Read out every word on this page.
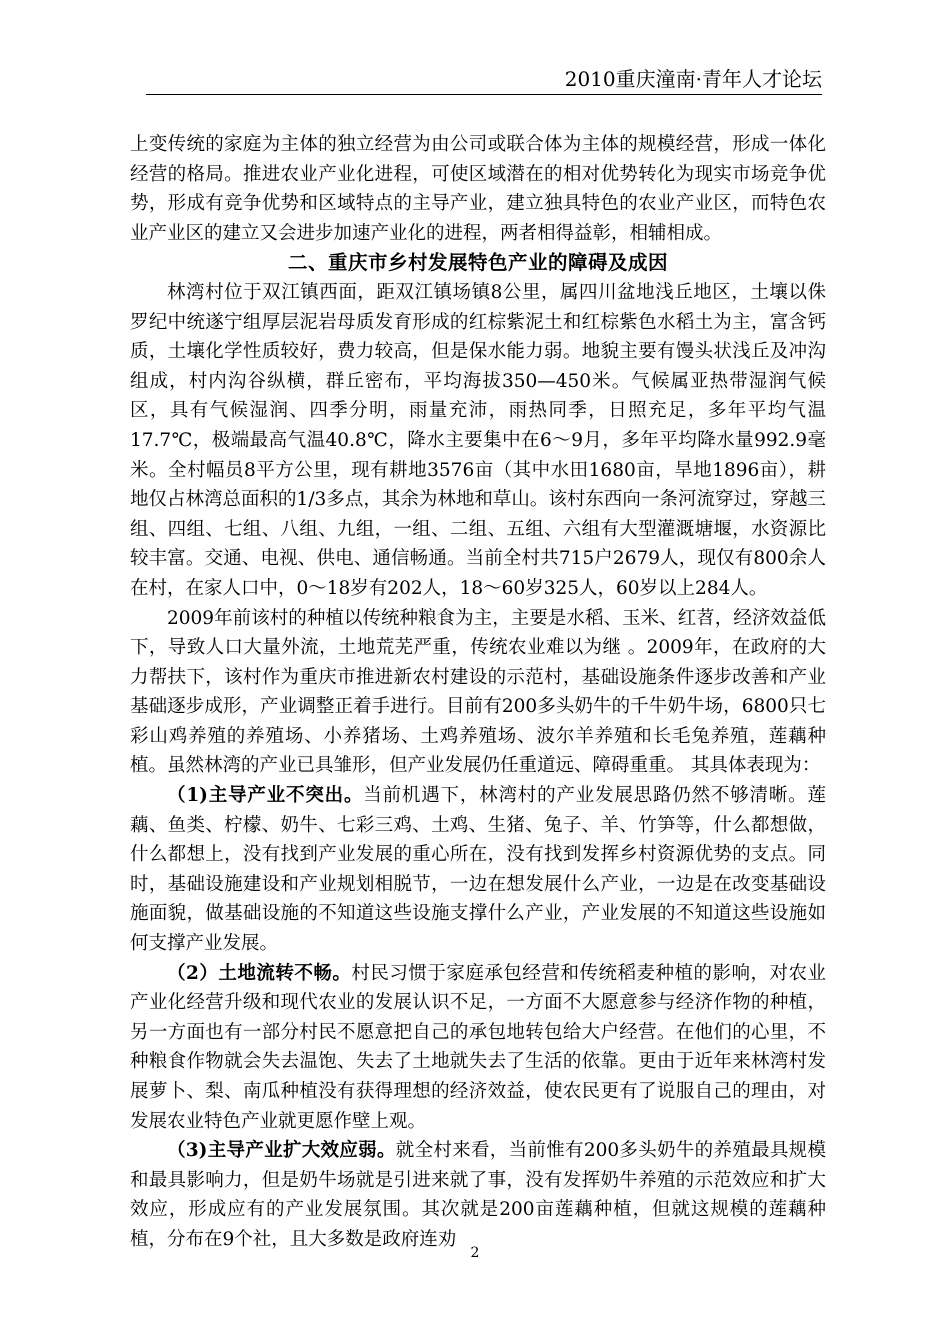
2010重庆潼南·青年人才论坛

上变传统的家庭为主体的独立经营为由公司或联合体为主体的规模经营，形成一体化经营的格局。推进农业产业化进程，可使区域潜在的相对优势转化为现实市场竞争优势，形成有竞争优势和区域特点的主导产业，建立独具特色的农业产业区，而特色农业产业区的建立又会进步加速产业化的进程，两者相得益彰，相辅相成。

二、重庆市乡村发展特色产业的障碍及成因

林湾村位于双江镇西面，距双江镇场镇8公里，属四川盆地浅丘地区，土壤以侏罗纪中统遂宁组厚层泥岩母质发育形成的红棕紫泥土和红棕紫色水稻土为主，富含钙质，土壤化学性质较好，费力较高，但是保水能力弱。地貌主要有馒头状浅丘及冲沟组成，村内沟谷纵横，群丘密布，平均海拔350—450米。气候属亚热带湿润气候区，具有气候湿润、四季分明，雨量充沛，雨热同季，日照充足，多年平均气温17.7℃，极端最高气温40.8℃，降水主要集中在6～9月，多年平均降水量992.9毫米。全村幅员8平方公里，现有耕地3576亩（其中水田1680亩，旱地1896亩），耕地仅占林湾总面积的1/3多点，其余为林地和草山。该村东西向一条河流穿过，穿越三组、四组、七组、八组、九组，一组、二组、五组、六组有大型灌溉塘堰，水资源比较丰富。交通、电视、供电、通信畅通。当前全村共715户2679人，现仅有800余人在村，在家人口中，0～18岁有202人，18～60岁325人，60岁以上284人。

2009年前该村的种植以传统种粮食为主，主要是水稻、玉米、红苕，经济效益低下，导致人口大量外流，土地荒芜严重，传统农业难以为继 。2009年，在政府的大力帮扶下，该村作为重庆市推进新农村建设的示范村，基础设施条件逐步改善和产业基础逐步成形，产业调整正着手进行。目前有200多头奶牛的千牛奶牛场，6800只七彩山鸡养殖的养殖场、小养猪场、土鸡养殖场、波尔羊养殖和长毛兔养殖，莲藕种植。虽然林湾的产业已具雏形，但产业发展仍任重道远、障碍重重。 其具体表现为：

（1)主导产业不突出。当前机遇下，林湾村的产业发展思路仍然不够清晰。莲藕、鱼类、柠檬、奶牛、七彩三鸡、土鸡、生猪、兔子、羊、竹笋等，什么都想做，什么都想上，没有找到产业发展的重心所在，没有找到发挥乡村资源优势的支点。同时，基础设施建设和产业规划相脱节，一边在想发展什么产业，一边是在改变基础设施面貌，做基础设施的不知道这些设施支撑什么产业，产业发展的不知道这些设施如何支撑产业发展。

（2）土地流转不畅。村民习惯于家庭承包经营和传统稻麦种植的影响，对农业产业化经营升级和现代农业的发展认识不足，一方面不大愿意参与经济作物的种植，另一方面也有一部分村民不愿意把自己的承包地转包给大户经营。在他们的心里，不种粮食作物就会失去温饱、失去了土地就失去了生活的依靠。更由于近年来林湾村发展萝卜、梨、南瓜种植没有获得理想的经济效益，使农民更有了说服自己的理由，对发展农业特色产业就更愿作壁上观。

（3)主导产业扩大效应弱。就全村来看，当前惟有200多头奶牛的养殖最具规模和最具影响力，但是奶牛场就是引进来就了事，没有发挥奶牛养殖的示范效应和扩大效应，形成应有的产业发展氛围。其次就是200亩莲藕种植，但就这规模的莲藕种植，分布在9个社，且大多数是政府连劝

2
